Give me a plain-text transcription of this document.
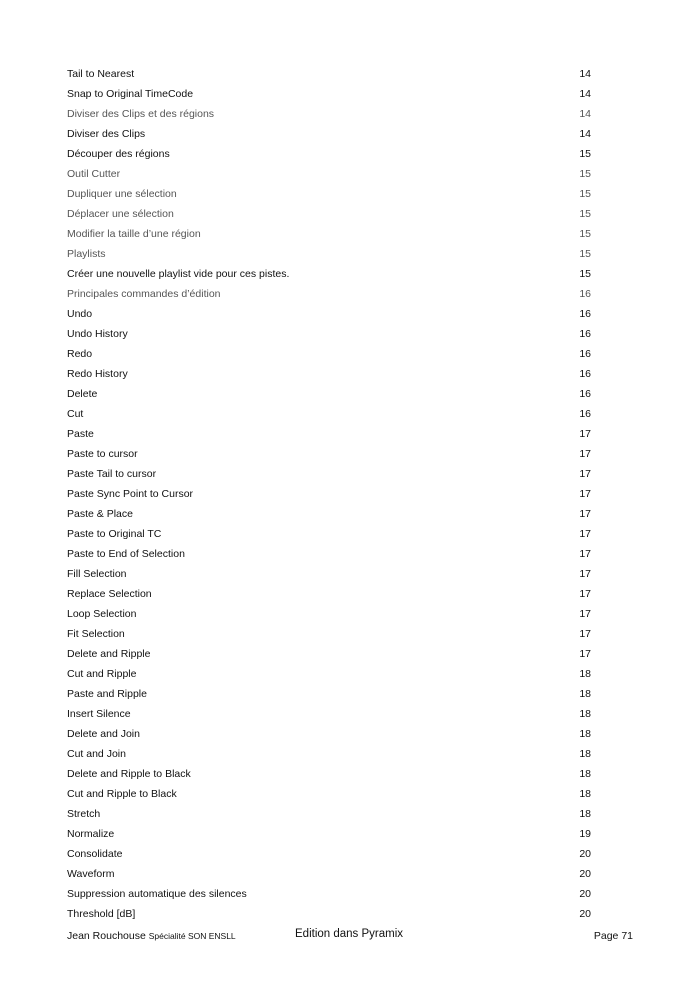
Tail to Nearest	14
Snap to Original TimeCode	14
Diviser des Clips et des régions	14
Diviser des Clips	14
Découper des régions	15
Outil Cutter	15
Dupliquer une sélection	15
Déplacer une sélection	15
Modifier la taille d’une région	15
Playlists	15
Créer une nouvelle playlist vide pour ces pistes.	15
Principales commandes d’édition	16
Undo	16
Undo History	16
Redo	16
Redo History	16
Delete	16
Cut	16
Paste	17
Paste to cursor	17
Paste Tail to cursor	17
Paste Sync Point to Cursor	17
Paste & Place	17
Paste to Original TC	17
Paste to End of Selection	17
Fill Selection	17
Replace Selection	17
Loop Selection	17
Fit Selection	17
Delete and Ripple	17
Cut and Ripple	18
Paste and Ripple	18
Insert Silence	18
Delete and Join	18
Cut and Join	18
Delete and Ripple to Black	18
Cut and Ripple to Black	18
Stretch	18
Normalize	19
Consolidate	20
Waveform	20
Suppression automatique des silences	20
Threshold [dB]	20
Jean Rouchouse Spécialité SON ENSLL	Edition dans Pyramix	Page 71
